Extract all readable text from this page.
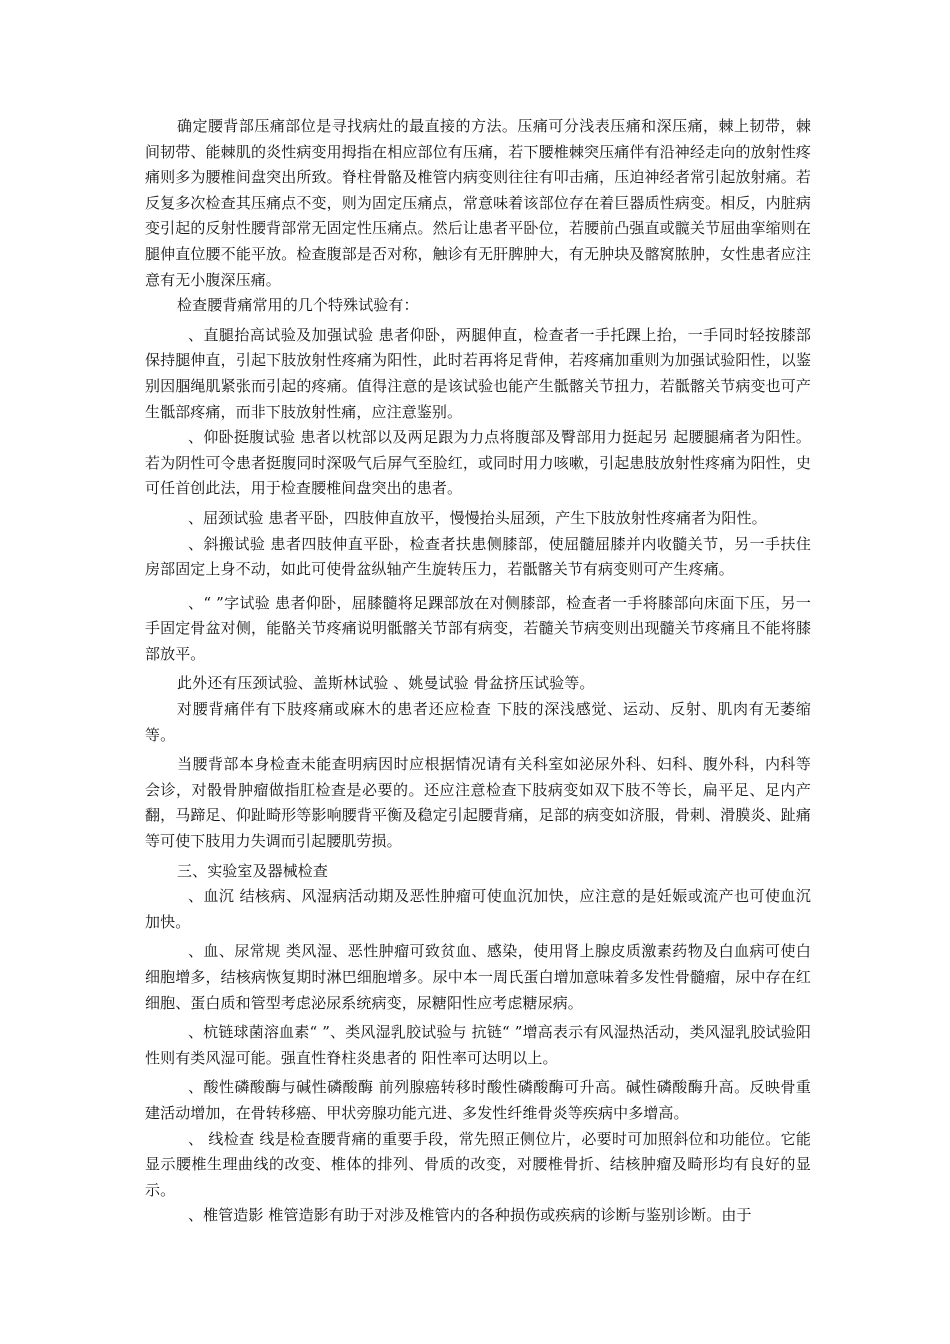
确定腰背部压痛部位是寻找病灶的最直接的方法。压痛可分浅表压痛和深压痛，棘上韧带，棘间韧带、能棘肌的炎性病变用拇指在相应部位有压痛，若下腰椎棘突压痛伴有沿神经走向的放射性疼痛则多为腰椎间盘突出所致。脊柱骨骼及椎管内病变则往往有叩击痛，压迫神经者常引起放射痛。若反复多次检查其压痛点不变，则为固定压痛点，常意味着该部位存在着巨器质性病变。相反，内脏病变引起的反射性腰背部常无固定性压痛点。然后让患者平卧位，若腰前凸强直或髋关节屈曲挛缩则在腿伸直位腰不能平放。检查腹部是否对称，触诊有无肝脾肿大，有无肿块及髂窝脓肿，女性患者应注意有无小腹深压痛。

检查腰背痛常用的几个特殊试验有：

、直腿抬高试验及加强试验 患者仰卧，两腿伸直，检查者一手托踝上抬，一手同时轻按膝部保持腿伸直，引起下肢放射性疼痛为阳性，此时若再将足背伸，若疼痛加重则为加强试验阳性，以鉴别因腘绳肌紧张而引起的疼痛。值得注意的是该试验也能产生骶髂关节扭力，若骶髂关节病变也可产生骶部疼痛，而非下肢放射性痛，应注意鉴别。

、仰卧挺腹试验 患者以枕部以及两足跟为力点将腹部及臀部用力挺起另 起腰腿痛者为阳性。若为阴性可令患者挺腹同时深吸气后屏气至脸红，或同时用力咳嗽，引起患肢放射性疼痛为阳性，史可任首创此法，用于检查腰椎间盘突出的患者。

、屈颈试验 患者平卧，四肢伸直放平，慢慢抬头屈颈，产生下肢放射性疼痛者为阳性。

、斜搬试验 患者四肢伸直平卧，检查者扶患侧膝部，使屈髓屈膝并内收髓关节，另一手扶住房部固定上身不动，如此可使骨盆纵轴产生旋转压力，若骶髂关节有病变则可产生疼痛。

、“ ”字试验 患者仰卧，屈膝髓将足踝部放在对侧膝部，检查者一手将膝部向床面下压，另一手固定骨盆对侧，能骼关节疼痛说明骶髂关节部有病变，若髓关节病变则出现髓关节疼痛且不能将膝部放平。

此外还有压颈试验、盖斯林试验 、姚曼试验 骨盆挤压试验等。

对腰背痛伴有下肢疼痛或麻木的患者还应检查 下肢的深浅感觉、运动、反射、肌肉有无萎缩等。

当腰背部本身检查未能查明病因时应根据情况请有关科室如泌尿外科、妇科、腹外科，内科等会诊，对骰骨肿瘤做指肛检查是必要的。还应注意检查下肢病变如双下肢不等长，扁平足、足内产翻，马蹄足、仰趾畸形等影响腰背平衡及稳定引起腰背痛，足部的病变如济服，骨刺、滑膜炎、趾痛等可使下肢用力失调而引起腰肌劳损。

三、实验室及器械检查

、血沉 结核病、风湿病活动期及恶性肿瘤可使血沉加快，应注意的是妊娠或流产也可使血沉加快。

、血、尿常规 类风湿、恶性肿瘤可致贫血、感染，使用肾上腺皮质激素药物及白血病可使白细胞增多，结核病恢复期时淋巴细胞增多。尿中本一周氏蛋白增加意味着多发性骨髓瘤，尿中存在红细胞、蛋白质和管型考虑泌尿系统病变，尿糖阳性应考虑糖尿病。

、杭链球菌溶血素“ ”、类风湿乳胶试验与 抗链“ ”增高表示有风湿热活动，类风湿乳胶试验阳性则有类风湿可能。强直性脊柱炎患者的 阳性率可达明以上。

、酸性磷酸酶与碱性磷酸酶 前列腺癌转移时酸性磷酸酶可升高。碱性磷酸酶升高。反映骨重建活动增加，在骨转移癌、甲状旁腺功能亢进、多发性纤维骨炎等疾病中多增高。

、 线检查 线是检查腰背痛的重要手段，常先照正侧位片，必要时可加照斜位和功能位。它能显示腰椎生理曲线的改变、椎体的排列、骨质的改变，对腰椎骨折、结核肿瘤及畸形均有良好的显示。

、椎管造影 椎管造影有助于对涉及椎管内的各种损伤或疾病的诊断与鉴别诊断。由于
